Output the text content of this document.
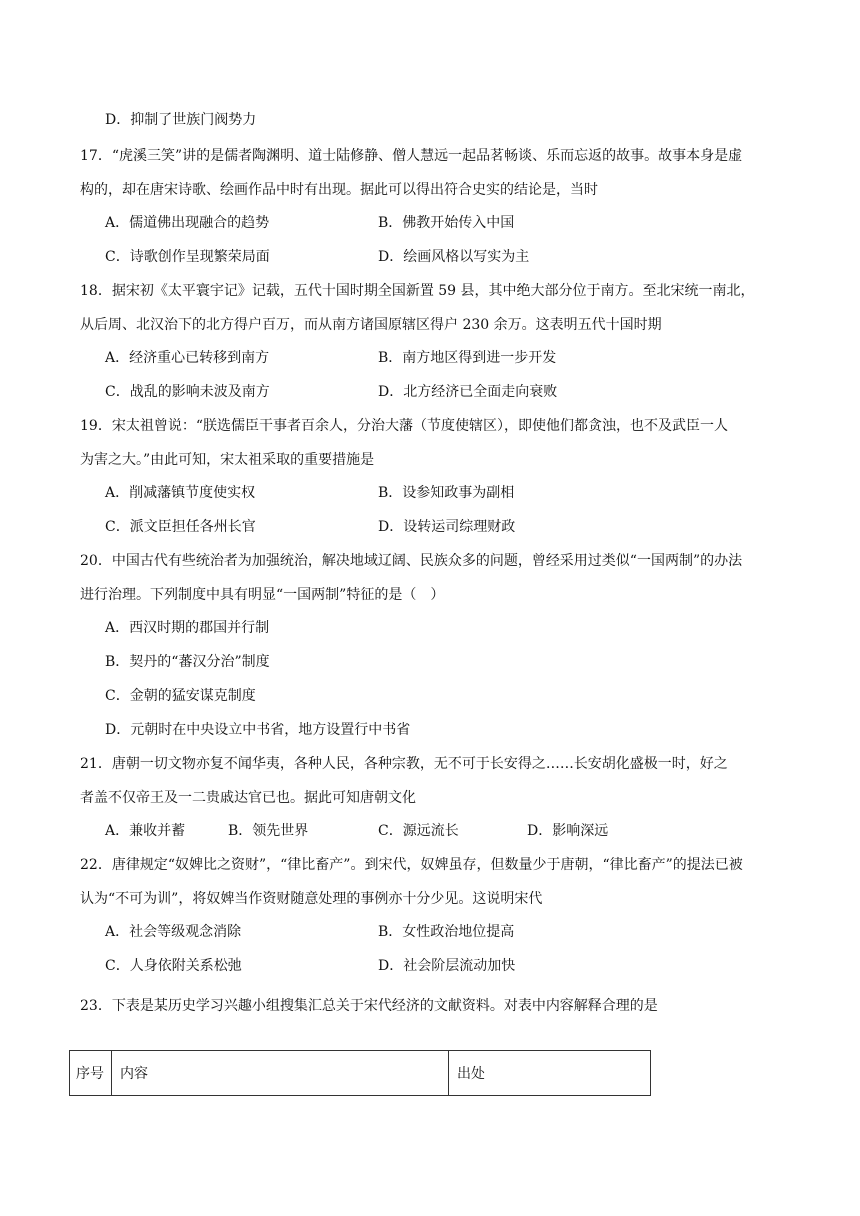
D．抑制了世族门阀势力
17．“虎溪三笑”讲的是儒者陶渊明、道士陆修静、僧人慧远一起品茗畅谈、乐而忘返的故事。故事本身是虚
构的，却在唐宋诗歌、绘画作品中时有出现。据此可以得出符合史实的结论是，当时
A．儒道佛出现融合的趋势	B．佛教开始传入中国
C．诗歌创作呈现繁荣局面	D．绘画风格以写实为主
18．据宋初《太平寰宇记》记载，五代十国时期全国新置 59 县，其中绝大部分位于南方。至北宋统一南北，
从后周、北汉治下的北方得户百万，而从南方诸国原辖区得户 230 余万。这表明五代十国时期
A．经济重心已转移到南方	B．南方地区得到进一步开发
C．战乱的影响未波及南方	D．北方经济已全面走向衰败
19．宋太祖曾说：“朕选儒臣干事者百余人，分治大藩（节度使辖区），即使他们都贪浊，也不及武臣一人
为害之大。”由此可知，宋太祖采取的重要措施是
A．削减藩镇节度使实权	B．设参知政事为副相
C．派文臣担任各州长官	D．设转运司综理财政
20．中国古代有些统治者为加强统治，解决地域辽阔、民族众多的问题，曾经采用过类似“一国两制”的办法
进行治理。下列制度中具有明显“一国两制”特征的是（　）
A．西汉时期的郡国并行制
B．契丹的“蕃汉分治”制度
C．金朝的猛安谋克制度
D．元朝时在中央设立中书省，地方设置行中书省
21．唐朝一切文物亦复不闻华夷，各种人民，各种宗教，无不可于长安得之……长安胡化盛极一时，好之
者盖不仅帝王及一二贵戚达官已也。据此可知唐朝文化
A．兼收并蓄	B．领先世界	C．源远流长	D．影响深远
22．唐律规定“奴婢比之资财”，“律比畜产”。到宋代，奴婢虽存，但数量少于唐朝，“律比畜产”的提法已被
认为“不可为训”，将奴婢当作资财随意处理的事例亦十分少见。这说明宋代
A．社会等级观念消除	B．女性政治地位提高
C．人身依附关系松弛	D．社会阶层流动加快
23．下表是某历史学习兴趣小组搜集汇总关于宋代经济的文献资料。对表中内容解释合理的是
序号	内容	出处
